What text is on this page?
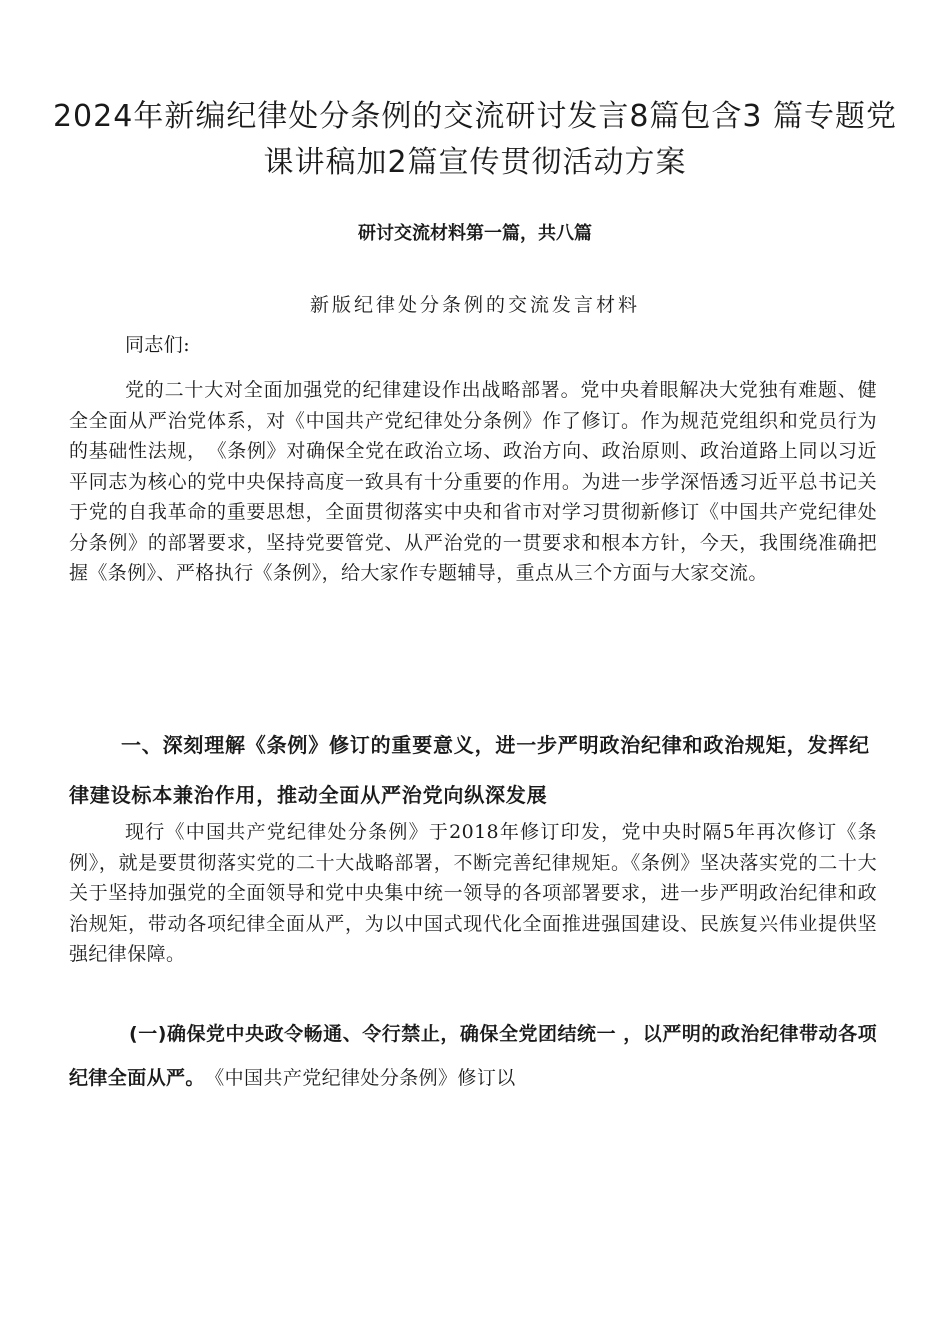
2024年新编纪律处分条例的交流研讨发言8篇包含3 篇专题党课讲稿加2篇宣传贯彻活动方案

研讨交流材料第一篇，共八篇

新版纪律处分条例的交流发言材料

同志们:

党的二十大对全面加强党的纪律建设作出战略部署。党中央着眼解决大党独有难题、健全全面从严治党体系，对《中国共产党纪律处分条例》作了修订。作为规范党组织和党员行为的基础性法规，　《条例》对确保全党在政治立场、政治方向、政治原则、政治道路上同以习近平同志为核心的党中央保持高度一致具有十分重要的作用。为进一步学深悟透习近平总书记关于党的自我革命的重要思想，全面贯彻落实中央和省市对学习贯彻新修订《中国共产党纪律处分条例》的部署要求，坚持党要管党、从严治党的一贯要求和根本方针，今天，我围绕准确把握《条例》、严格执行《条例》，给大家作专题辅导，重点从三个方面与大家交流。

一、深刻理解《条例》修订的重要意义，进一步严明政治纪律和政治规矩，发挥纪律建设标本兼治作用，推动全面从严治党向纵深发展

现行《中国共产党纪律处分条例》于2018年修订印发，党中央时隔5年再次修订《条例》，就是要贯彻落实党的二十大战略部署，不断完善纪律规矩。《条例》坚决落实党的二十大关于坚持加强党的全面领导和党中央集中统一领导的各项部署要求，进一步严明政治纪律和政治规矩，带动各项纪律全面从严，为以中国式现代化全面推进强国建设、民族复兴伟业提供坚强纪律保障。

(一)确保党中央政令畅通、令行禁止，确保全党团结统一 ，以严明的政治纪律带动各项纪律全面从严。　《中国共产党纪律处分条例》修订以
